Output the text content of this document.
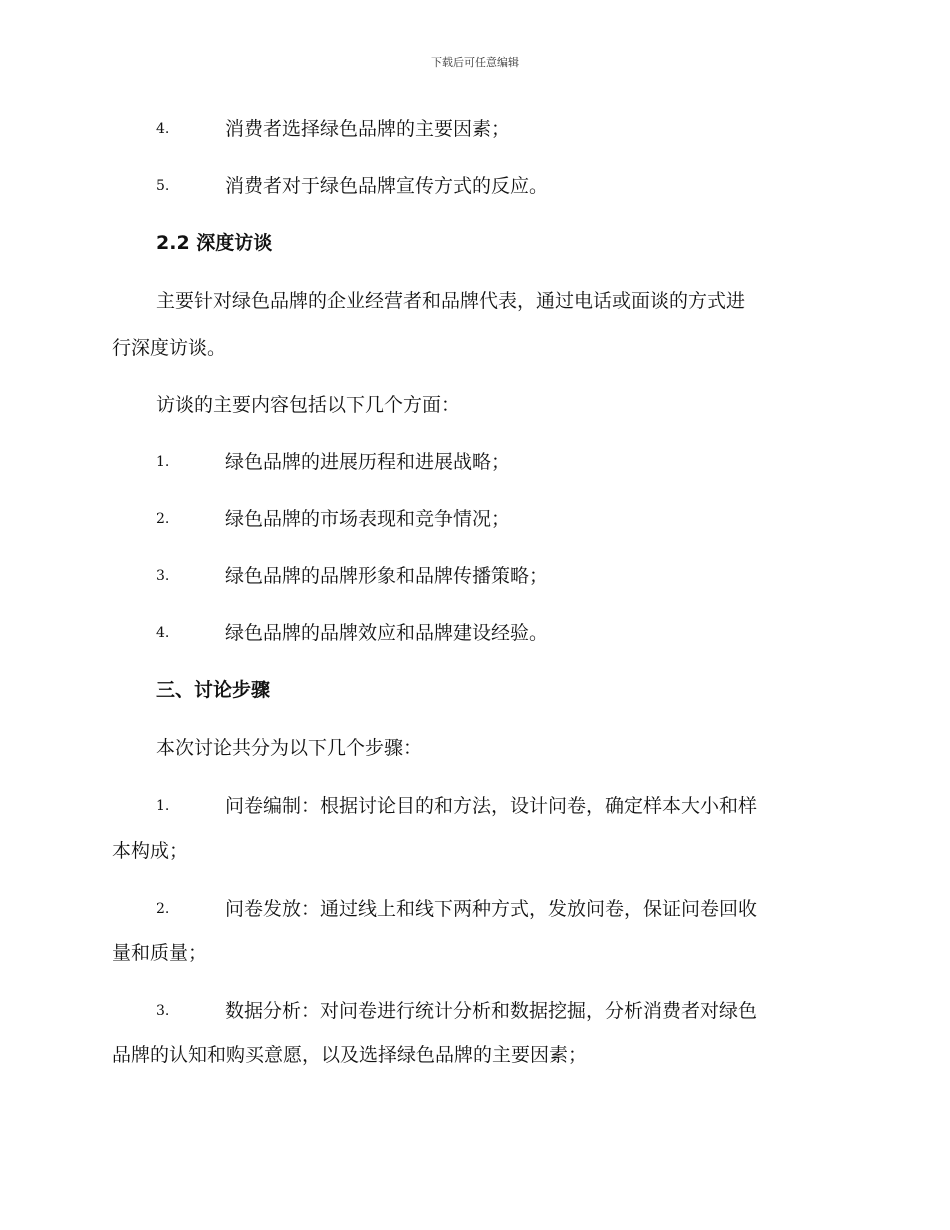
下载后可任意编辑
4.	消费者选择绿色品牌的主要因素；
5.	消费者对于绿色品牌宣传方式的反应。
2.2 深度访谈
主要针对绿色品牌的企业经营者和品牌代表，通过电话或面谈的方式进
行深度访谈。
访谈的主要内容包括以下几个方面：
1.	绿色品牌的进展历程和进展战略；
2.	绿色品牌的市场表现和竞争情况；
3.	绿色品牌的品牌形象和品牌传播策略；
4.	绿色品牌的品牌效应和品牌建设经验。
三、讨论步骤
本次讨论共分为以下几个步骤：
1.	问卷编制：根据讨论目的和方法，设计问卷，确定样本大小和样
本构成；
2.	问卷发放：通过线上和线下两种方式，发放问卷，保证问卷回收
量和质量；
3.	数据分析：对问卷进行统计分析和数据挖掘，分析消费者对绿色
品牌的认知和购买意愿，以及选择绿色品牌的主要因素；
